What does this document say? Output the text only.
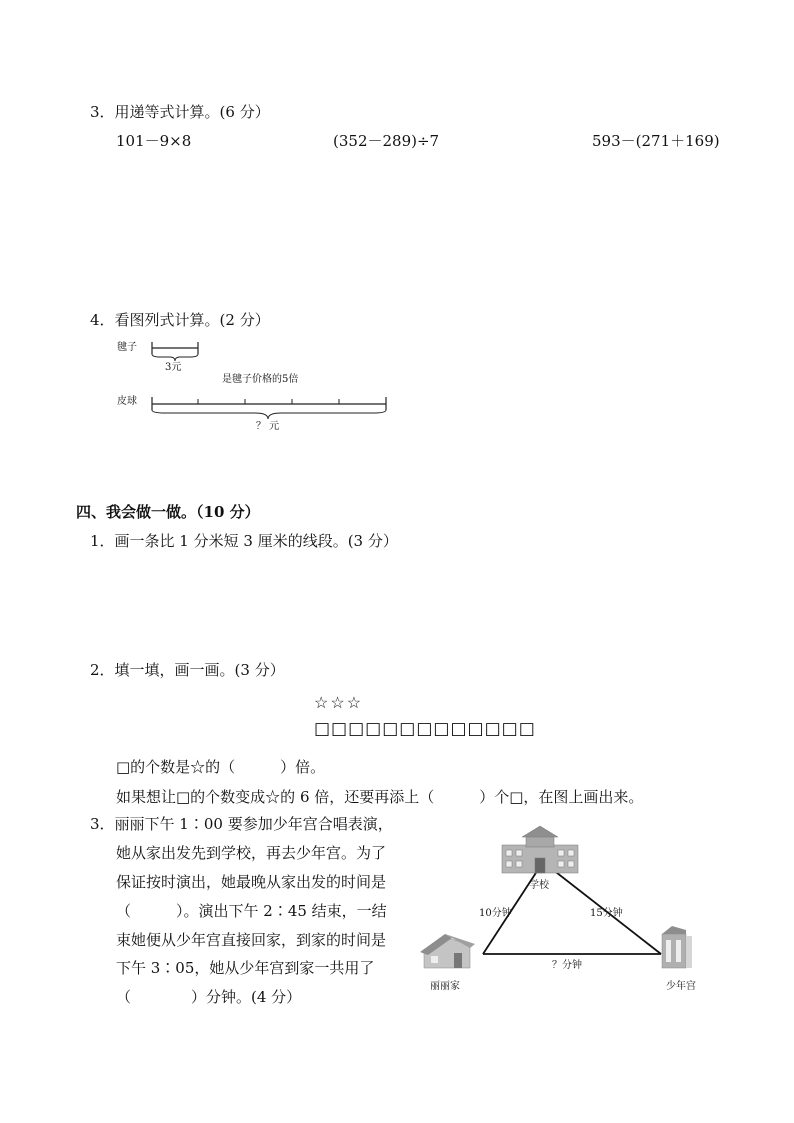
3．用递等式计算。(6 分）
101－9×8	(352－289)÷7	593－(271＋169)
4．看图列式计算。(2 分）
毽子
3元
是毽子价格的5倍
皮球
？ 元
四、我会做一做。（10 分）
1．画一条比 1 分米短 3 厘米的线段。(3 分）
2．填一填，画一画。(3 分）
☆☆☆
□□□□□□□□□□□□□
□的个数是☆的（　　　）倍。
如果想让□的个数变成☆的 6 倍，还要再添上（　　　）个□，在图上画出来。
3．丽丽下午 1∶00 要参加少年宫合唱表演，
她从家出发先到学校，再去少年宫。为了
保证按时演出，她最晚从家出发的时间是
（　　　）。演出下午 2∶45 结束，一结
束她便从少年宫直接回家，到家的时间是
下午 3∶05，她从少年宫到家一共用了
（　　　　）分钟。(4 分）
学校
10分钟	15分钟
？分钟
丽丽家	少年宫
